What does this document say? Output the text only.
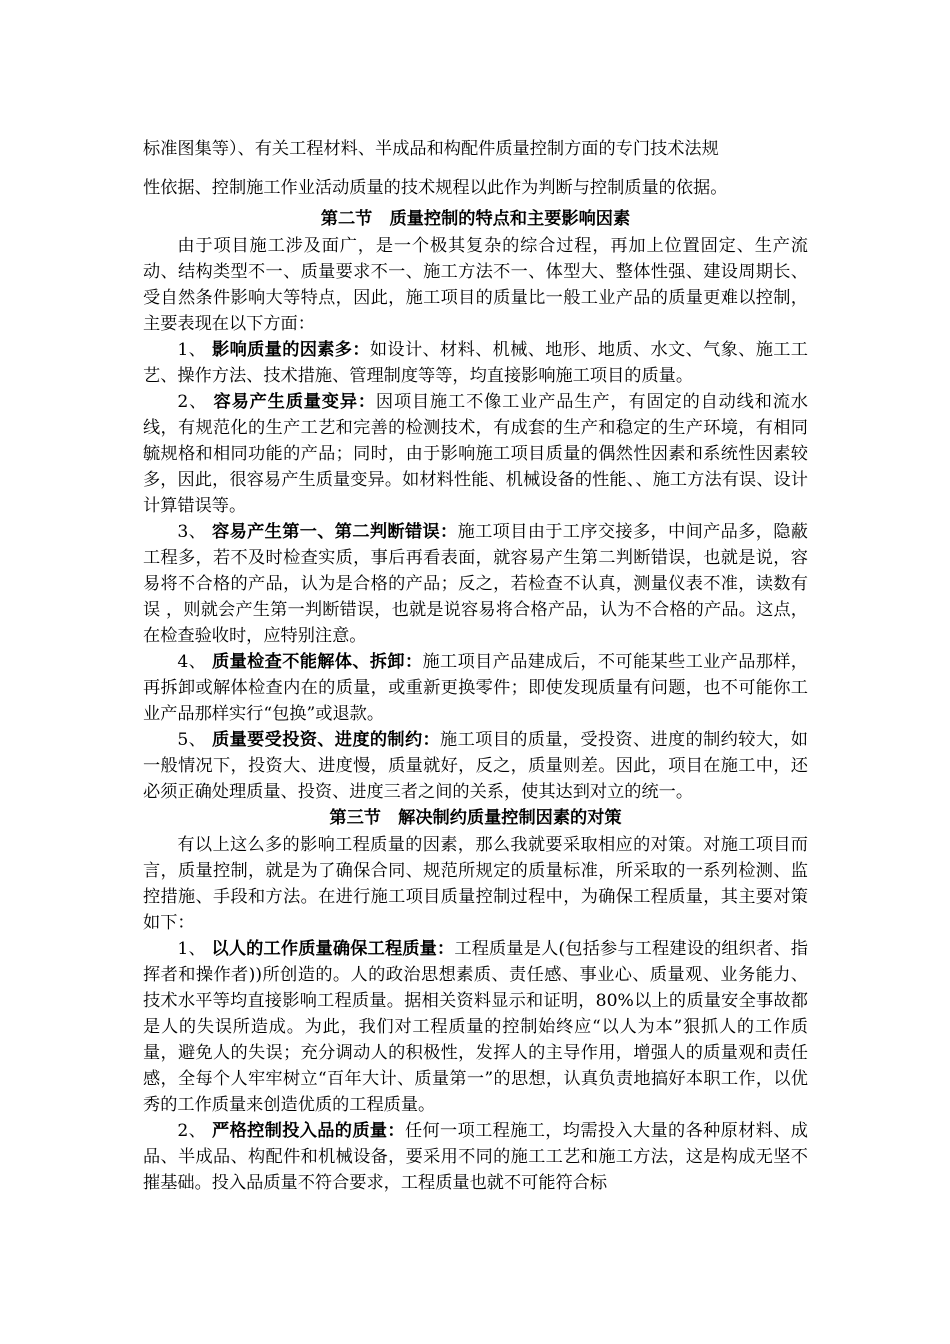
标准图集等）、有关工程材料、半成品和构配件质量控制方面的专门技术法规

性依据、控制施工作业活动质量的技术规程以此作为判断与控制质量的依据。

第二节　质量控制的特点和主要影响因素

由于项目施工涉及面广，是一个极其复杂的综合过程，再加上位置固定、生产流动、结构类型不一、质量要求不一、施工方法不一、体型大、整体性强、建设周期长、受自然条件影响大等特点，因此，施工项目的质量比一般工业产品的质量更难以控制，主要表现在以下方面：

1、 影响质量的因素多：如设计、材料、机械、地形、地质、水文、气象、施工工艺、操作方法、技术措施、管理制度等等，均直接影响施工项目的质量。

2、 容易产生质量变异：因项目施工不像工业产品生产，有固定的自动线和流水线，有规范化的生产工艺和完善的检测技术，有成套的生产和稳定的生产环境，有相同毓规格和相同功能的产品；同时，由于影响施工项目质量的偶然性因素和系统性因素较多，因此，很容易产生质量变异。如材料性能、机械设备的性能、、施工方法有误、设计计算错误等。

3、 容易产生第一、第二判断错误：施工项目由于工序交接多，中间产品多，隐蔽工程多，若不及时检查实质，事后再看表面，就容易产生第二判断错误，也就是说，容易将不合格的产品，认为是合格的产品；反之，若检查不认真，测量仪表不准，读数有误 ，则就会产生第一判断错误，也就是说容易将合格产品，认为不合格的产品。这点，在检查验收时，应特别注意。

4、 质量检查不能解体、拆卸：施工项目产品建成后，不可能某些工业产品那样，再拆卸或解体检查内在的质量，或重新更换零件；即使发现质量有问题，也不可能你工业产品那样实行“包换”或退款。

5、 质量要受投资、进度的制约：施工项目的质量，受投资、进度的制约较大，如一般情况下，投资大、进度慢，质量就好，反之，质量则差。因此，项目在施工中，还必须正确处理质量、投资、进度三者之间的关系，使其达到对立的统一。

第三节　解决制约质量控制因素的对策

有以上这么多的影响工程质量的因素，那么我就要采取相应的对策。对施工项目而言，质量控制，就是为了确保合同、规范所规定的质量标准，所采取的一系列检测、监控措施、手段和方法。在进行施工项目质量控制过程中，为确保工程质量，其主要对策如下：

1、 以人的工作质量确保工程质量：工程质量是人(包括参与工程建设的组织者、指挥者和操作者))所创造的。人的政治思想素质、责任感、事业心、质量观、业务能力、技术水平等均直接影响工程质量。据相关资料显示和证明，80%以上的质量安全事故都是人的失误所造成。为此，我们对工程质量的控制始终应“以人为本”狠抓人的工作质量，避免人的失误；充分调动人的积极性，发挥人的主导作用，增强人的质量观和责任感，全每个人牢牢树立“百年大计、质量第一”的思想，认真负责地搞好本职工作，以优秀的工作质量来创造优质的工程质量。

2、 严格控制投入品的质量：任何一项工程施工，均需投入大量的各种原材料、成品、半成品、构配件和机械设备，要采用不同的施工工艺和施工方法，这是构成无坚不摧基础。投入品质量不符合要求，工程质量也就不可能符合标
